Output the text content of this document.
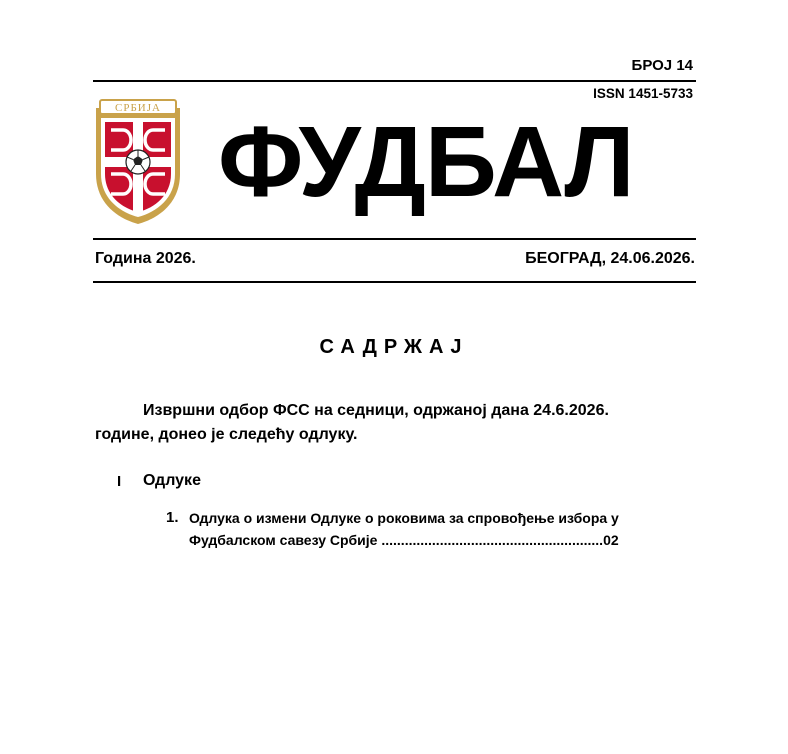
БРОЈ 14
ISSN 1451-5733
СРБИЈА ФУДБАЛ
Година 2026.	БЕОГРАД, 24.06.2026.
САДРЖАЈ
Извршни одбор ФСС на седници, одржаној дана 24.6.2026.
године, донео је следећу одлуку.
I Одлуке
1. Одлука о измени Одлуке о роковима за спровођење избора у
Фудбалском савезу Србије .........................................................02
